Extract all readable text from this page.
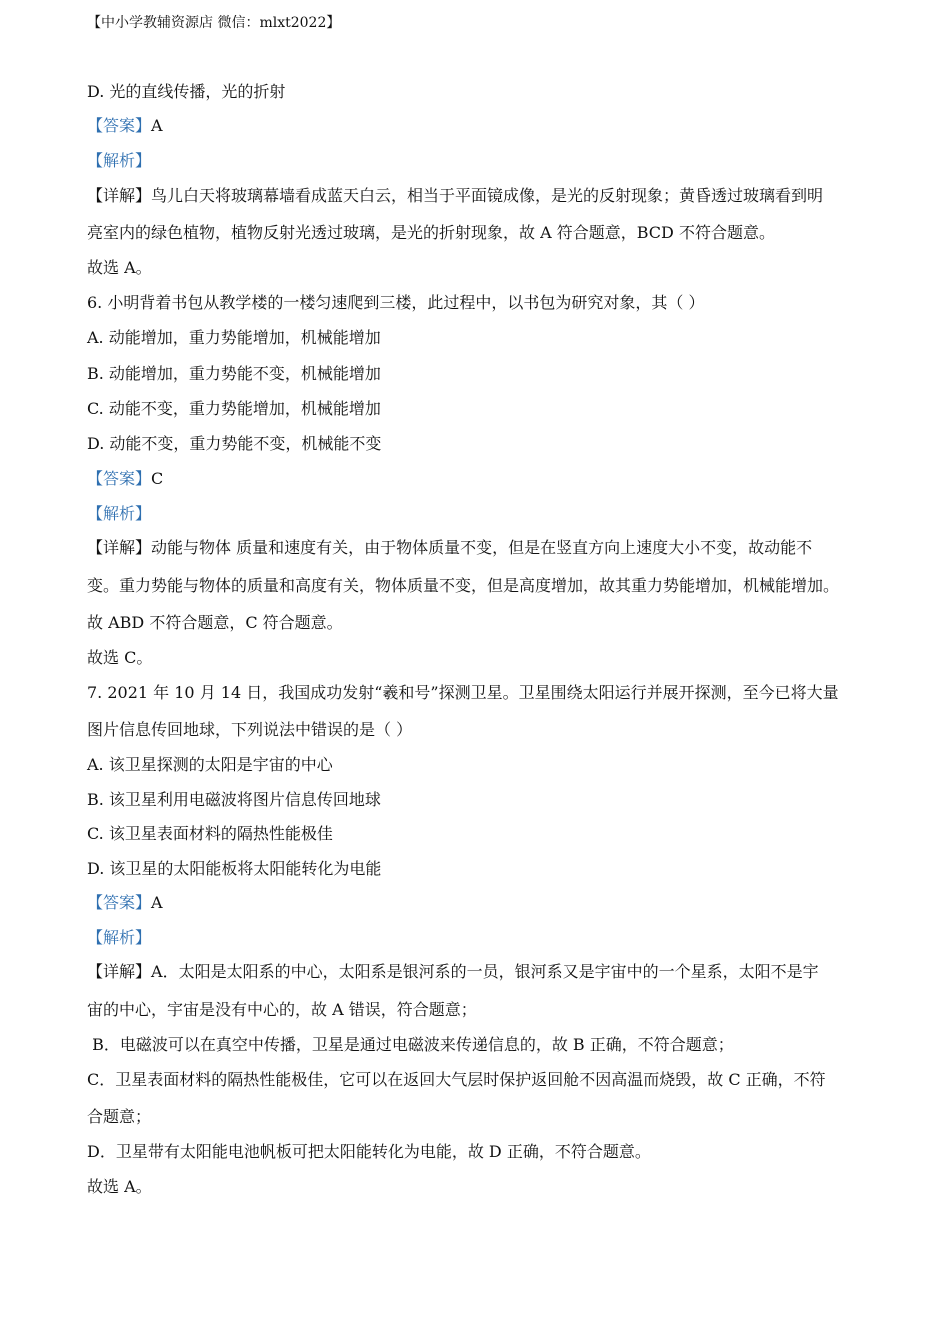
【中小学教辅资源店 微信：mlxt2022】
D. 光的直线传播，光的折射
【答案】A
【解析】
【详解】鸟儿白天将玻璃幕墙看成蓝天白云，相当于平面镜成像，是光的反射现象；黄昏透过玻璃看到明
亮室内的绿色植物，植物反射光透过玻璃，是光的折射现象，故 A 符合题意，BCD 不符合题意。
故选 A。
6. 小明背着书包从教学楼的一楼匀速爬到三楼，此过程中，以书包为研究对象，其（ ）
A. 动能增加，重力势能增加，机械能增加
B. 动能增加，重力势能不变，机械能增加
C. 动能不变，重力势能增加，机械能增加
D. 动能不变，重力势能不变，机械能不变
【答案】C
【解析】
【详解】动能与物体 质量和速度有关，由于物体质量不变，但是在竖直方向上速度大小不变，故动能不
变。重力势能与物体的质量和高度有关，物体质量不变，但是高度增加，故其重力势能增加，机械能增加。
故 ABD 不符合题意，C 符合题意。
故选 C。
7. 2021 年 10 月 14 日，我国成功发射“羲和号”探测卫星。卫星围绕太阳运行并展开探测，至今已将大量
图片信息传回地球，下列说法中错误的是（ ）
A. 该卫星探测的太阳是宇宙的中心
B. 该卫星利用电磁波将图片信息传回地球
C. 该卫星表面材料的隔热性能极佳
D. 该卫星的太阳能板将太阳能转化为电能
【答案】A
【解析】
【详解】A．太阳是太阳系的中心，太阳系是银河系的一员，银河系又是宇宙中的一个星系，太阳不是宇
宙的中心，宇宙是没有中心的，故 A 错误，符合题意；
B．电磁波可以在真空中传播，卫星是通过电磁波来传递信息的，故 B 正确，不符合题意；
C．卫星表面材料的隔热性能极佳，它可以在返回大气层时保护返回舱不因高温而烧毁，故 C 正确，不符
合题意；
D．卫星带有太阳能电池帆板可把太阳能转化为电能，故 D 正确，不符合题意。
故选 A。
